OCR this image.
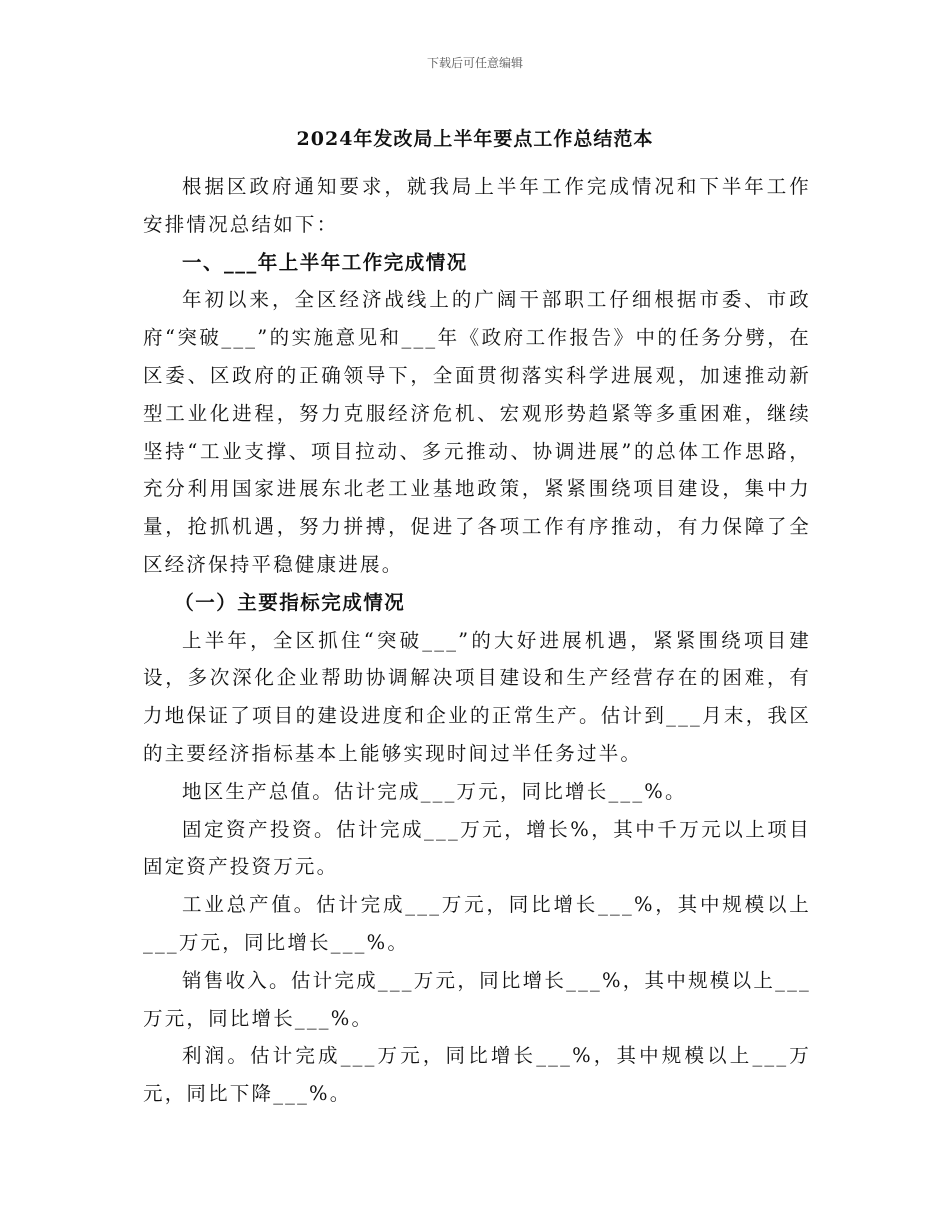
下载后可任意编辑
2024年发改局上半年要点工作总结范本

根据区政府通知要求，就我局上半年工作完成情况和下半年工作安排情况总结如下：

一、___年上半年工作完成情况

年初以来，全区经济战线上的广阔干部职工仔细根据市委、市政府“突破___”的实施意见和___年《政府工作报告》中的任务分劈，在区委、区政府的正确领导下，全面贯彻落实科学进展观，加速推动新型工业化进程，努力克服经济危机、宏观形势趋紧等多重困难，继续坚持“工业支撑、项目拉动、多元推动、协调进展”的总体工作思路，充分利用国家进展东北老工业基地政策，紧紧围绕项目建设，集中力量，抢抓机遇，努力拼搏，促进了各项工作有序推动，有力保障了全区经济保持平稳健康进展。

（一）主要指标完成情况

上半年，全区抓住“突破___”的大好进展机遇，紧紧围绕项目建设，多次深化企业帮助协调解决项目建设和生产经营存在的困难，有力地保证了项目的建设进度和企业的正常生产。估计到___月末，我区的主要经济指标基本上能够实现时间过半任务过半。

地区生产总值。估计完成___万元，同比增长___%。

固定资产投资。估计完成___万元，增长%，其中千万元以上项目固定资产投资万元。

工业总产值。估计完成___万元，同比增长___%，其中规模以上___万元，同比增长___%。

销售收入。估计完成___万元，同比增长___%，其中规模以上___万元，同比增长___%。

利润。估计完成___万元，同比增长___%，其中规模以上___万元，同比下降___%。
